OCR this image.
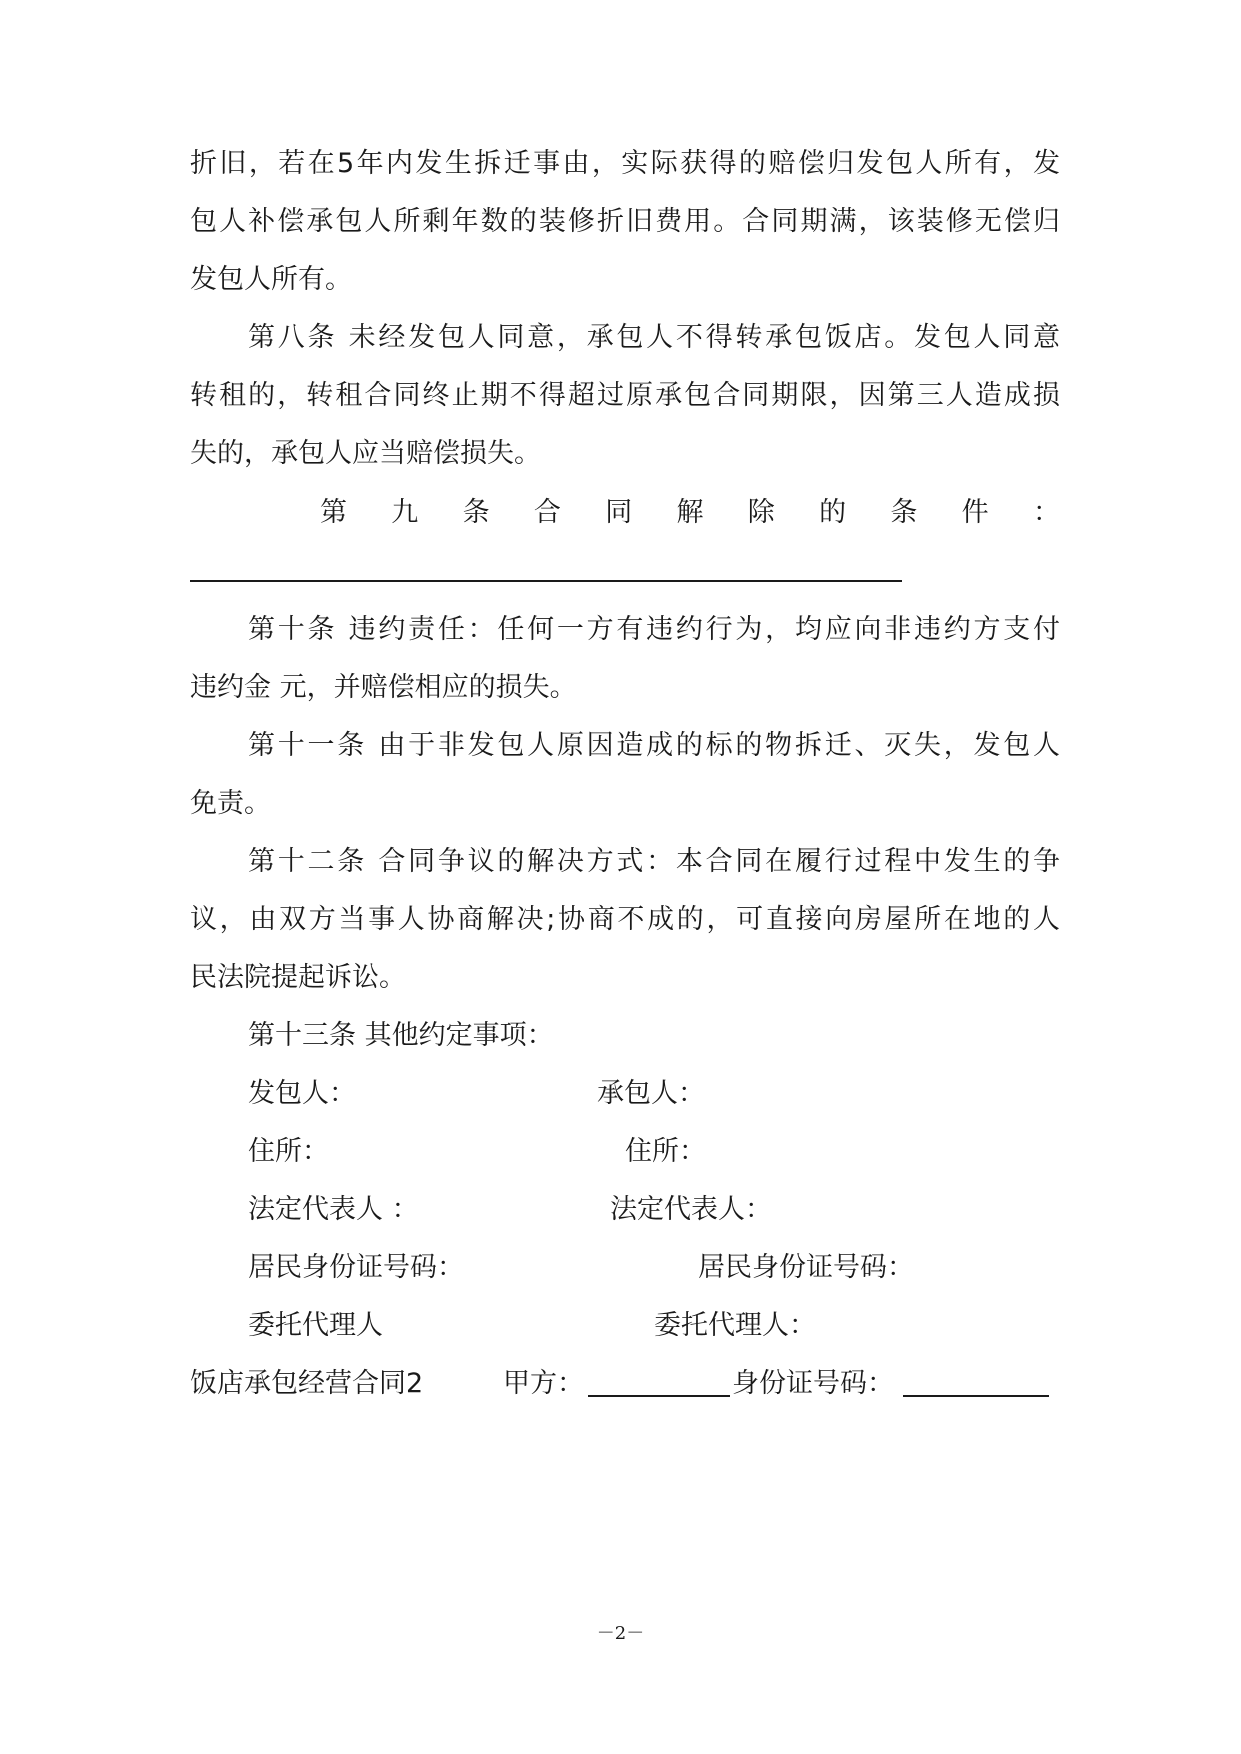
折旧，若在5年内发生拆迁事由，实际获得的赔偿归发包人所有，发
包人补偿承包人所剩年数的装修折旧费用。合同期满，该装修无偿归
发包人所有。
第八条 未经发包人同意，承包人不得转承包饭店。发包人同意
转租的，转租合同终止期不得超过原承包合同期限，因第三人造成损
失的，承包人应当赔偿损失。
第 九 条 合 同 解 除 的 条 件 ：
第十条 违约责任：任何一方有违约行为，均应向非违约方支付
违约金 元，并赔偿相应的损失。
第十一条 由于非发包人原因造成的标的物拆迁、灭失，发包人
免责。
第十二条 合同争议的解决方式：本合同在履行过程中发生的争
议，由双方当事人协商解决;协商不成的，可直接向房屋所在地的人
民法院提起诉讼。
第十三条 其他约定事项：
发包人：	承包人：
住所：	住所：
法定代表人 ：	法定代表人：
居民身份证号码：	居民身份证号码：
委托代理人	委托代理人：
饭店承包经营合同2	甲方：	身份证号码：
－2－
